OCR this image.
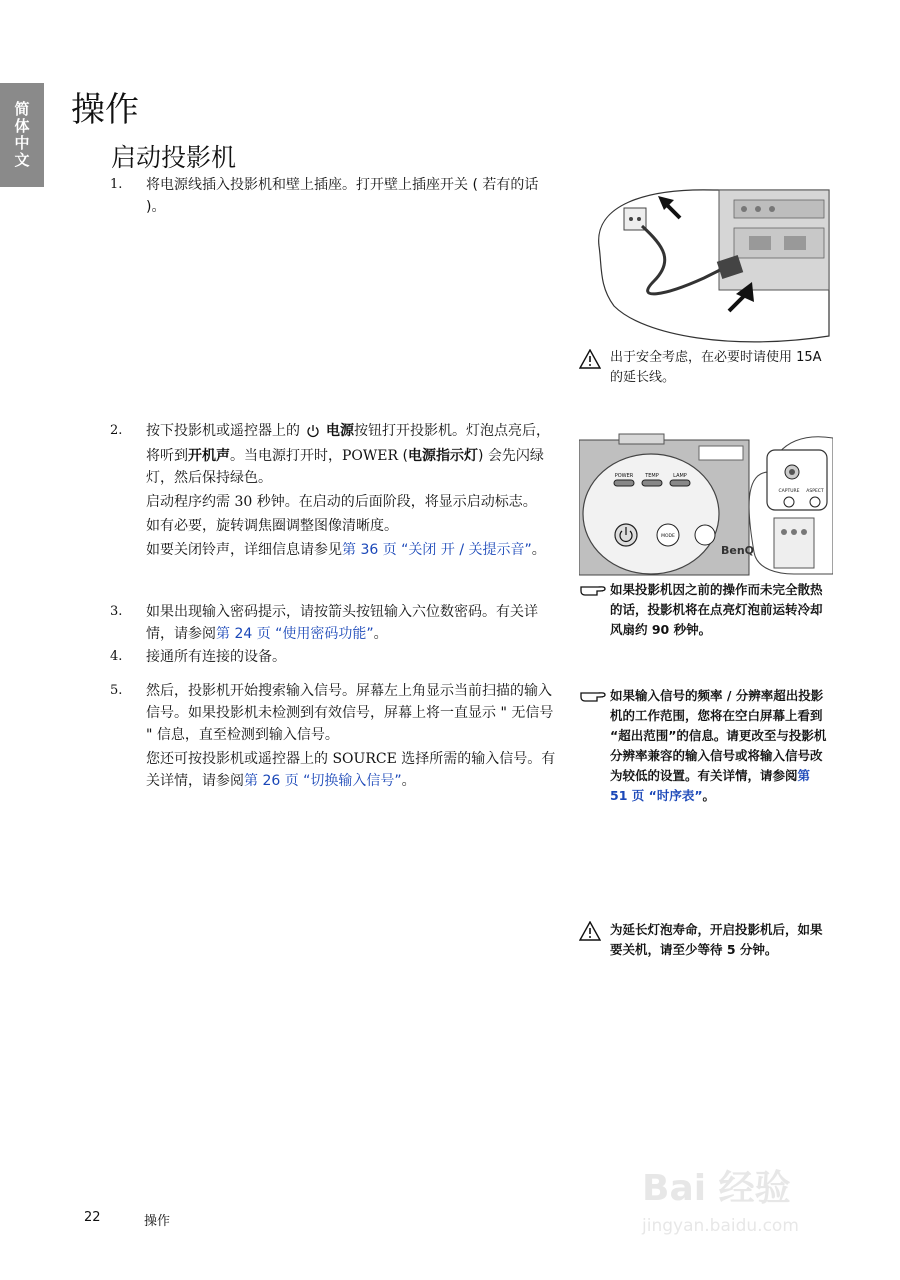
简体中文 操作
启动投影机
1. 将电源线插入投影机和壁上插座。打开壁上插座开关 ( 若有的话 )。

2. 按下投影机或遥控器上的 电源按钮打开投影机。灯泡点亮后，将听到开机声。当电源打开时，POWER (电源指示灯) 会先闪绿灯，然后保持绿色。

启动程序约需 30 秒钟。在启动的后面阶段，将显示启动标志。

如有必要，旋转调焦圈调整图像清晰度。

如要关闭铃声，详细信息请参见第 36 页 “关闭 开 / 关提示音”。

3. 如果出现输入密码提示，请按箭头按钮输入六位数密码。有关详情，请参阅第 24 页 “使用密码功能”。

4. 接通所有连接的设备。

5. 然后，投影机开始搜索输入信号。屏幕左上角显示当前扫描的输入信号。如果投影机未检测到有效信号，屏幕上将一直显示 " 无信号 " 信息，直至检测到输入信号。

您还可按投影机或遥控器上的 SOURCE 选择所需的输入信号。有关详情，请参阅第 26 页 “切换输入信号”。

出于安全考虑，在必要时请使用 15A 的延长线。
POWER TEMP	LAMP
MODE
BenQ
CAPTURE ASPECT
如果投影机因之前的操作而未完全散热的话，投影机将在点亮灯泡前运转冷却风扇约 90 秒钟。
如果输入信号的频率 / 分辨率超出投影机的工作范围，您将在空白屏幕上看到 “超出范围”的信息。请更改至与投影机分辨率兼容的输入信号或将输入信号改为较低的设置。有关详情，请参阅第 51 页 “时序表”。
为延长灯泡寿命，开启投影机后，如果要关机，请至少等待 5 分钟。
22	操作
Bai 经验
jingyan.baidu.com
